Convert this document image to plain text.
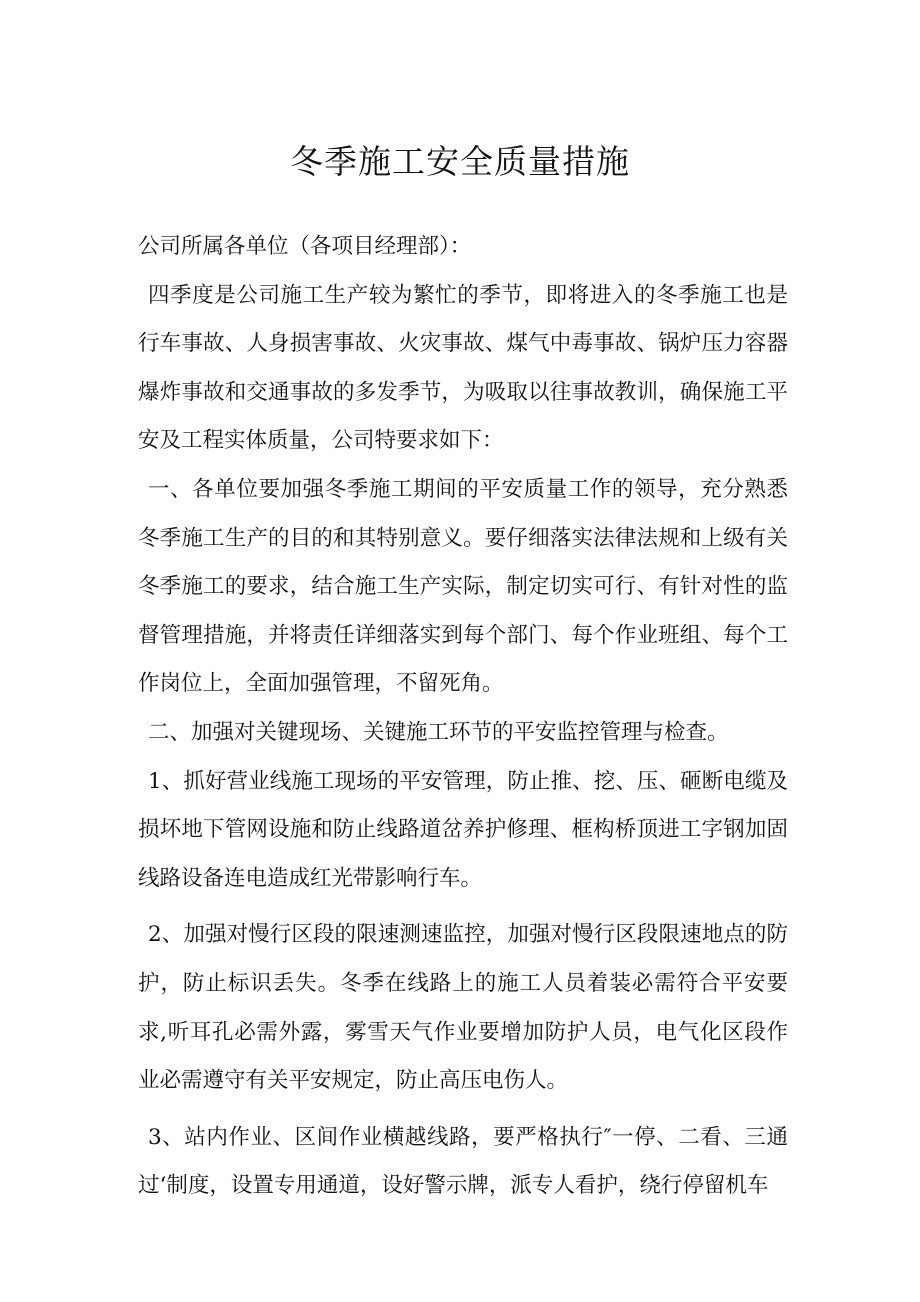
冬季施工安全质量措施

公司所属各单位（各项目经理部）：

四季度是公司施工生产较为繁忙的季节，即将进入的冬季施工也是行车事故、人身损害事故、火灾事故、煤气中毒事故、锅炉压力容器爆炸事故和交通事故的多发季节，为吸取以往事故教训，确保施工平安及工程实体质量，公司特要求如下：

一、各单位要加强冬季施工期间的平安质量工作的领导，充分熟悉冬季施工生产的目的和其特别意义。要仔细落实法律法规和上级有关冬季施工的要求，结合施工生产实际，制定切实可行、有针对性的监督管理措施，并将责任详细落实到每个部门、每个作业班组、每个工作岗位上，全面加强管理，不留死角。

二、加强对关键现场、关键施工环节的平安监控管理与检查。

1、抓好营业线施工现场的平安管理，防止推、挖、压、砸断电缆及损坏地下管网设施和防止线路道岔养护修理、框构桥顶进工字钢加固线路设备连电造成红光带影响行车。

2、加强对慢行区段的限速测速监控，加强对慢行区段限速地点的防护，防止标识丢失。冬季在线路上的施工人员着装必需符合平安要求,听耳孔必需外露，雾雪天气作业要增加防护人员，电气化区段作业必需遵守有关平安规定，防止高压电伤人。

3、站内作业、区间作业横越线路，要严格执行″一停、二看、三通过‘制度，设置专用通道，设好警示牌，派专人看护，绕行停留机车
